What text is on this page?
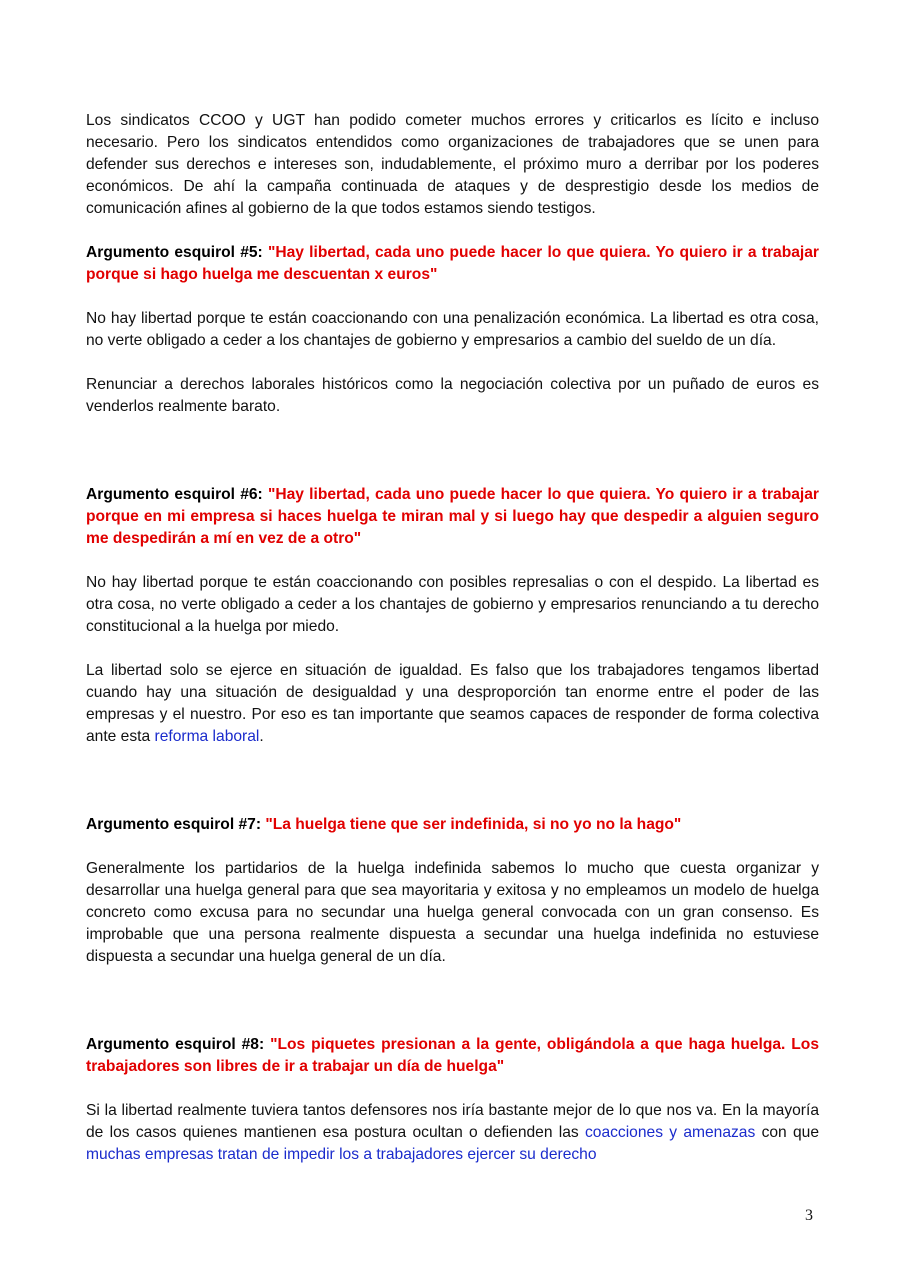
Los sindicatos CCOO y UGT han podido cometer muchos errores y criticarlos es lícito e incluso necesario. Pero los sindicatos entendidos como organizaciones de trabajadores que se unen para defender sus derechos e intereses son, indudablemente, el próximo muro a derribar por los poderes económicos. De ahí la campaña continuada de ataques y de desprestigio desde los medios de comunicación afines al gobierno de la que todos estamos siendo testigos.

Argumento esquirol #5: "Hay libertad, cada uno puede hacer lo que quiera. Yo quiero ir a trabajar porque si hago huelga me descuentan x euros"

No hay libertad porque te están coaccionando con una penalización económica. La libertad es otra cosa, no verte obligado a ceder a los chantajes de gobierno y empresarios a cambio del sueldo de un día.

Renunciar a derechos laborales históricos como la negociación colectiva por un puñado de euros es venderlos realmente barato.

Argumento esquirol #6: "Hay libertad, cada uno puede hacer lo que quiera. Yo quiero ir a trabajar porque en mi empresa si haces huelga te miran mal y si luego hay que despedir a alguien seguro me despedirán a mí en vez de a otro"

No hay libertad porque te están coaccionando con posibles represalias o con el despido. La libertad es otra cosa, no verte obligado a ceder a los chantajes de gobierno y empresarios renunciando a tu derecho constitucional a la huelga por miedo.

La libertad solo se ejerce en situación de igualdad. Es falso que los trabajadores tengamos libertad cuando hay una situación de desigualdad y una desproporción tan enorme entre el poder de las empresas y el nuestro. Por eso es tan importante que seamos capaces de responder de forma colectiva ante esta reforma laboral.

Argumento esquirol #7: "La huelga tiene que ser indefinida, si no yo no la hago"

Generalmente los partidarios de la huelga indefinida sabemos lo mucho que cuesta organizar y desarrollar una huelga general para que sea mayoritaria y exitosa y no empleamos un modelo de huelga concreto como excusa para no secundar una huelga general convocada con un gran consenso. Es improbable que una persona realmente dispuesta a secundar una huelga indefinida no estuviese dispuesta a secundar una huelga general de un día.

Argumento esquirol #8: "Los piquetes presionan a la gente, obligándola a que haga huelga. Los trabajadores son libres de ir a trabajar un día de huelga"

Si la libertad realmente tuviera tantos defensores nos iría bastante mejor de lo que nos va. En la mayoría de los casos quienes mantienen esa postura ocultan o defienden las coacciones y amenazas con que muchas empresas tratan de impedir los a trabajadores ejercer su derecho

3
